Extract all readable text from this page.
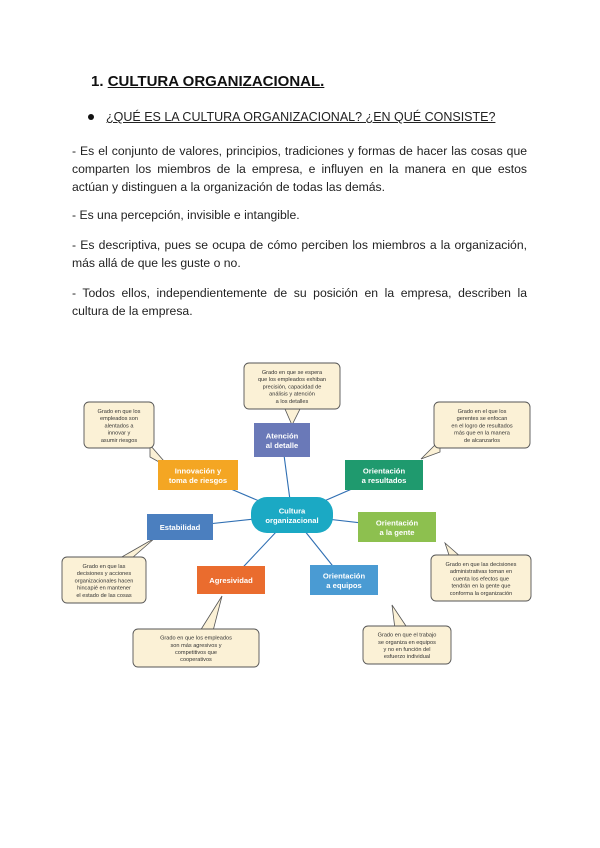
1. CULTURA ORGANIZACIONAL.
¿QUÉ ES LA CULTURA ORGANIZACIONAL? ¿EN QUÉ CONSISTE?
- Es el conjunto de valores, principios, tradiciones y formas de hacer las cosas que comparten los miembros de la empresa, e influyen en la manera en que estos actúan y distinguen a la organización de todas las demás.
- Es una percepción, invisible e intangible.
- Es descriptiva, pues se ocupa de cómo perciben los miembros a la organización, más allá de que les guste o no.
- Todos ellos, independientemente de su posición en la empresa, describen la cultura de la empresa.
Grado en que se espera
que los empleados exhiban
precisión, capacidad de
análisis y atención
a los detalles
Grado en el que los
gerentes se enfocan
en el logro de resultados
más que en la manera
de alcanzarlos
Grado en que las decisiones
administrativas toman en
cuenta los efectos que
tendrán en la gente que
conforma la organización
Grado en que el trabajo
se organiza en equipos
y no en función del
esfuerzo individual
Grado en que los empleados
son más agresivos y
competitivos que
cooperativos
Grado en que las
decisiones y acciones
organizacionales hacen
hincapié en mantener
el estado de las cosas
Grado en que los
empleados son
alentados a
innovar y
asumir riesgos
Atención
al detalle
Orientación
a resultados
Orientación
a la gente
Orientación
a equipos
Agresividad
Estabilidad
Innovación y
toma de riesgos
Cultura
organizacional
